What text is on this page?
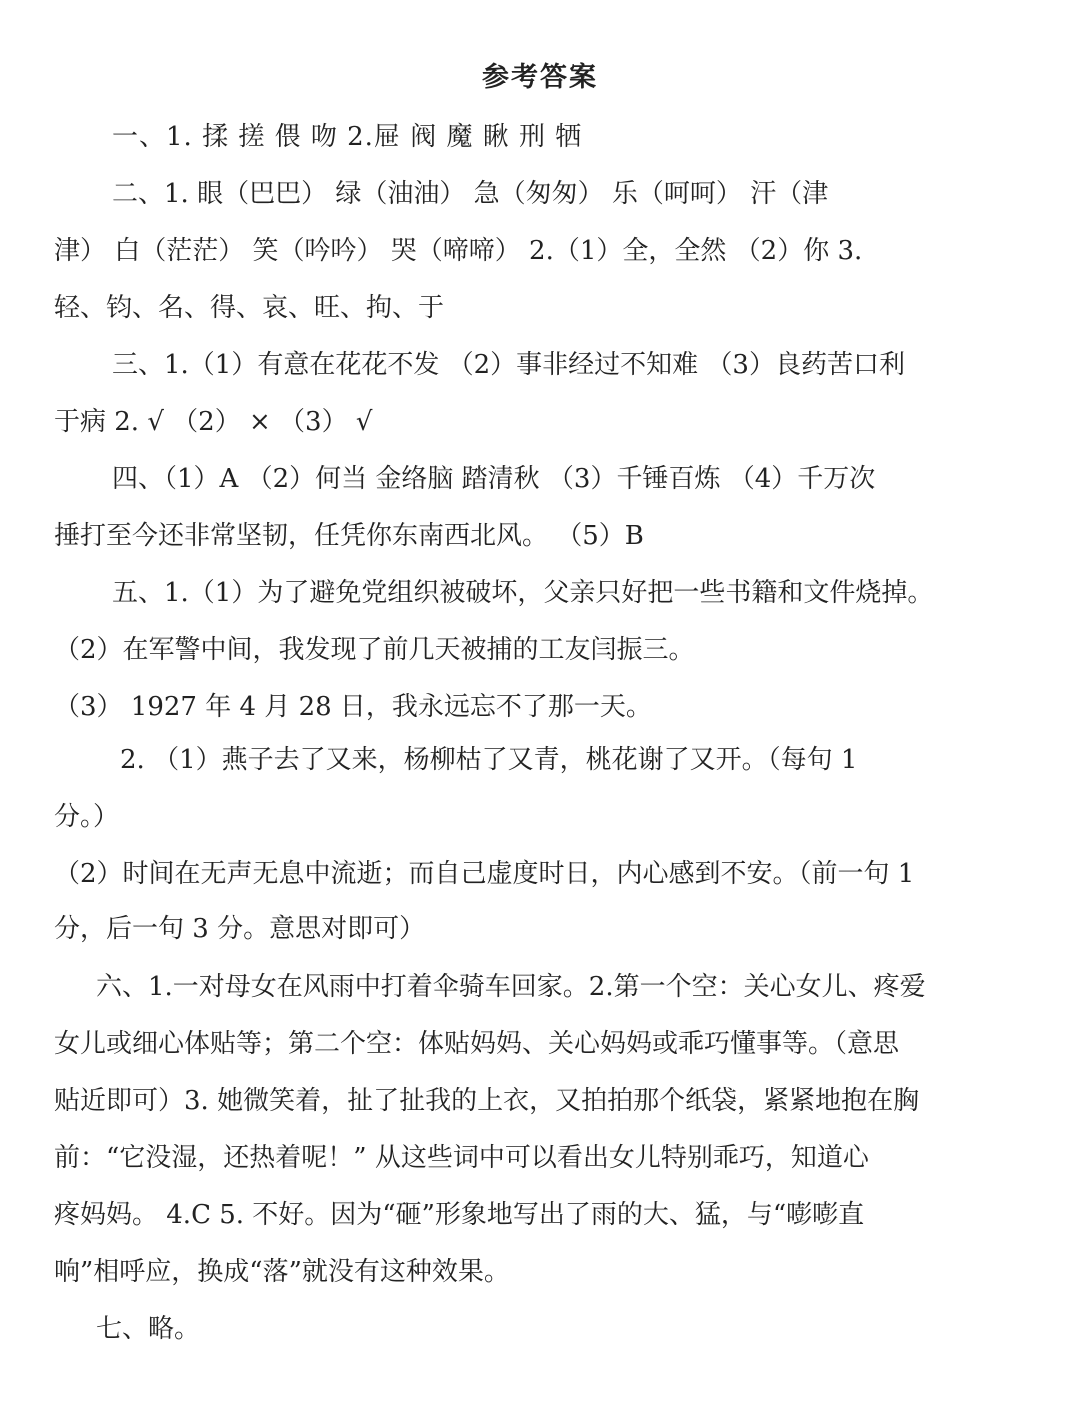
参考答案
一、1. 揉 搓 偎 吻 2.屉 阀 魔 瞅 刑 牺
二、1. 眼（巴巴） 绿（油油） 急（匆匆） 乐（呵呵） 汗（津
津） 白（茫茫） 笑（吟吟） 哭（啼啼） 2.（1）全，全然 （2）你 3.
轻、钧、名、得、哀、旺、拘、于
三、1.（1）有意在花花不发 （2）事非经过不知难 （3）良药苦口利
于病 2. √ （2） × （3） √
四、（1）A （2）何当 金络脑 踏清秋 （3）千锤百炼 （4）千万次
捶打至今还非常坚韧，任凭你东南西北风。 （5）B
五、1.（1）为了避免党组织被破坏，父亲只好把一些书籍和文件烧掉。
（2）在军警中间，我发现了前几天被捕的工友闫振三。
（3） 1927 年 4 月 28 日，我永远忘不了那一天。
2. （1）燕子去了又来，杨柳枯了又青，桃花谢了又开。（每句 1
分。）
（2）时间在无声无息中流逝；而自己虚度时日，内心感到不安。（前一句 1
分，后一句 3 分。意思对即可）
六、1.一对母女在风雨中打着伞骑车回家。2.第一个空：关心女儿、疼爱
女儿或细心体贴等；第二个空：体贴妈妈、关心妈妈或乖巧懂事等。（意思
贴近即可）3. 她微笑着，扯了扯我的上衣，又拍拍那个纸袋，紧紧地抱在胸
前：“它没湿，还热着呢！” 从这些词中可以看出女儿特别乖巧，知道心
疼妈妈。 4.C 5. 不好。因为“砸”形象地写出了雨的大、猛，与“嘭嘭直
响”相呼应，换成“落”就没有这种效果。
七、略。
